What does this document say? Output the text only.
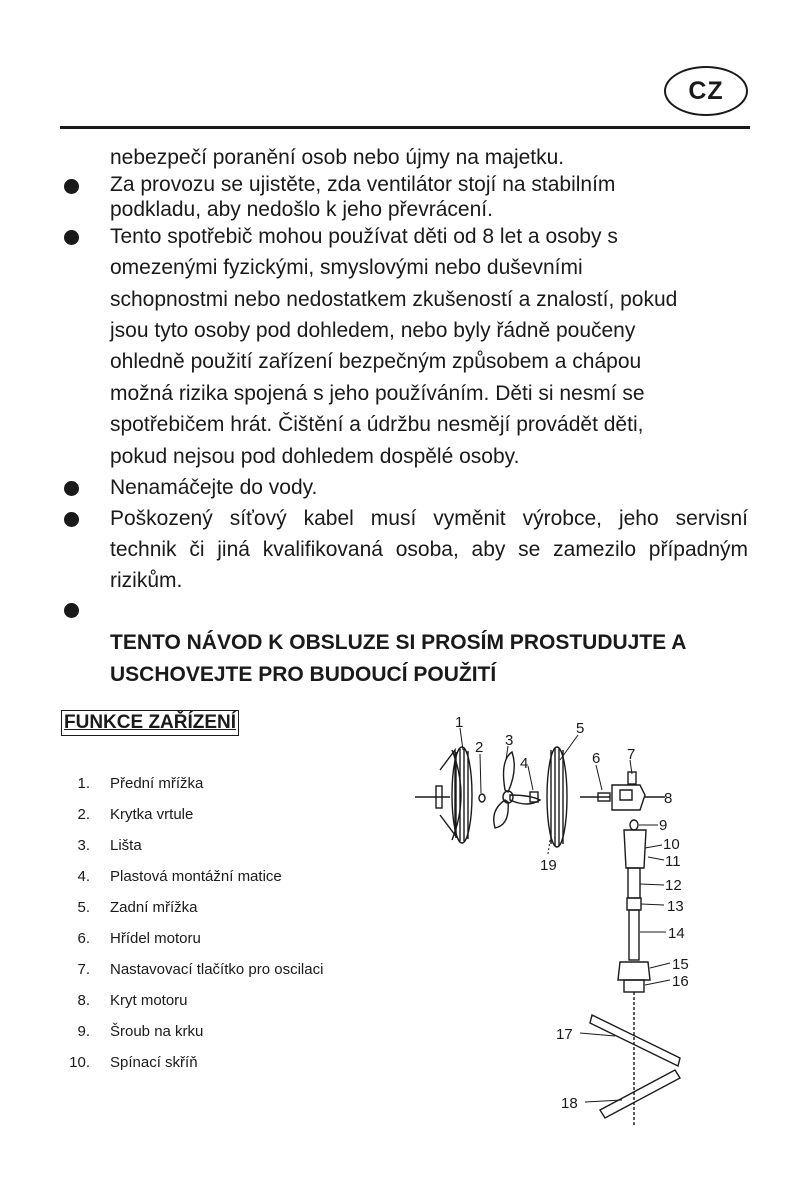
CZ
nebezpečí poranění osob nebo újmy na majetku.
Za provozu se ujistěte, zda ventilátor stojí na stabilním
podkladu, aby nedošlo k jeho převrácení.
Tento spotřebič mohou používat děti od 8 let a osoby s
omezenými fyzickými, smyslovými nebo duševními
schopnostmi nebo nedostatkem zkušeností a znalostí, pokud
jsou tyto osoby pod dohledem, nebo byly řádně poučeny
ohledně použití zařízení bezpečným způsobem a chápou
možná rizika spojená s jeho používáním. Děti si nesmí se
spotřebičem hrát. Čištění a údržbu nesmějí provádět děti,
pokud nejsou pod dohledem dospělé osoby.
Nenamáčejte do vody.
Poškozený síťový kabel musí vyměnit výrobce, jeho servisní
technik či jiná kvalifikovaná osoba, aby se zamezilo případným
rizikům.
TENTO NÁVOD K OBSLUZE SI PROSÍM PROSTUDUJTE A
USCHOVEJTE PRO BUDOUCÍ POUŽITÍ
FUNKCE ZAŘÍZENÍ
1. Přední mřížka
2. Krytka vrtule
3. Lišta
4. Plastová montážní matice
5. Zadní mřížka
6. Hřídel motoru
7. Nastavovací tlačítko pro oscilaci
8. Kryt motoru
9. Šroub na krku
10. Spínací skříň
1
2 3
4
5
6 7
8
9
10
11
12
13
14
15
16
17
18
19
